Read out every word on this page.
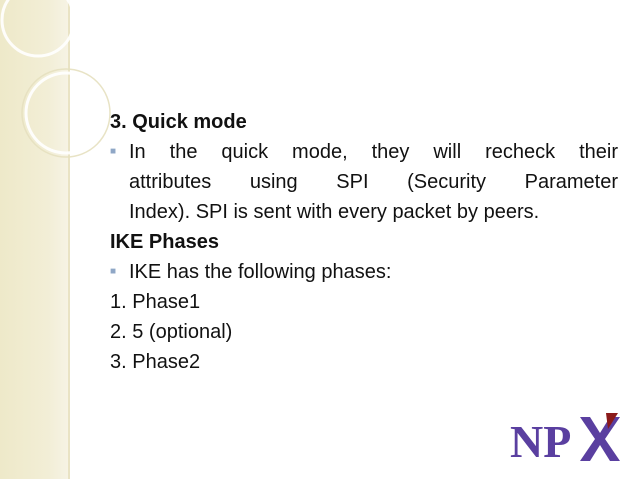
3. Quick mode
■ In the quick mode, they will recheck their
attributes using SPI (Security Parameter
Index). SPI is sent with every packet by peers.
IKE Phases
■ IKE has the following phases:
1. Phase1
2. 5 (optional)
3. Phase2
NP
